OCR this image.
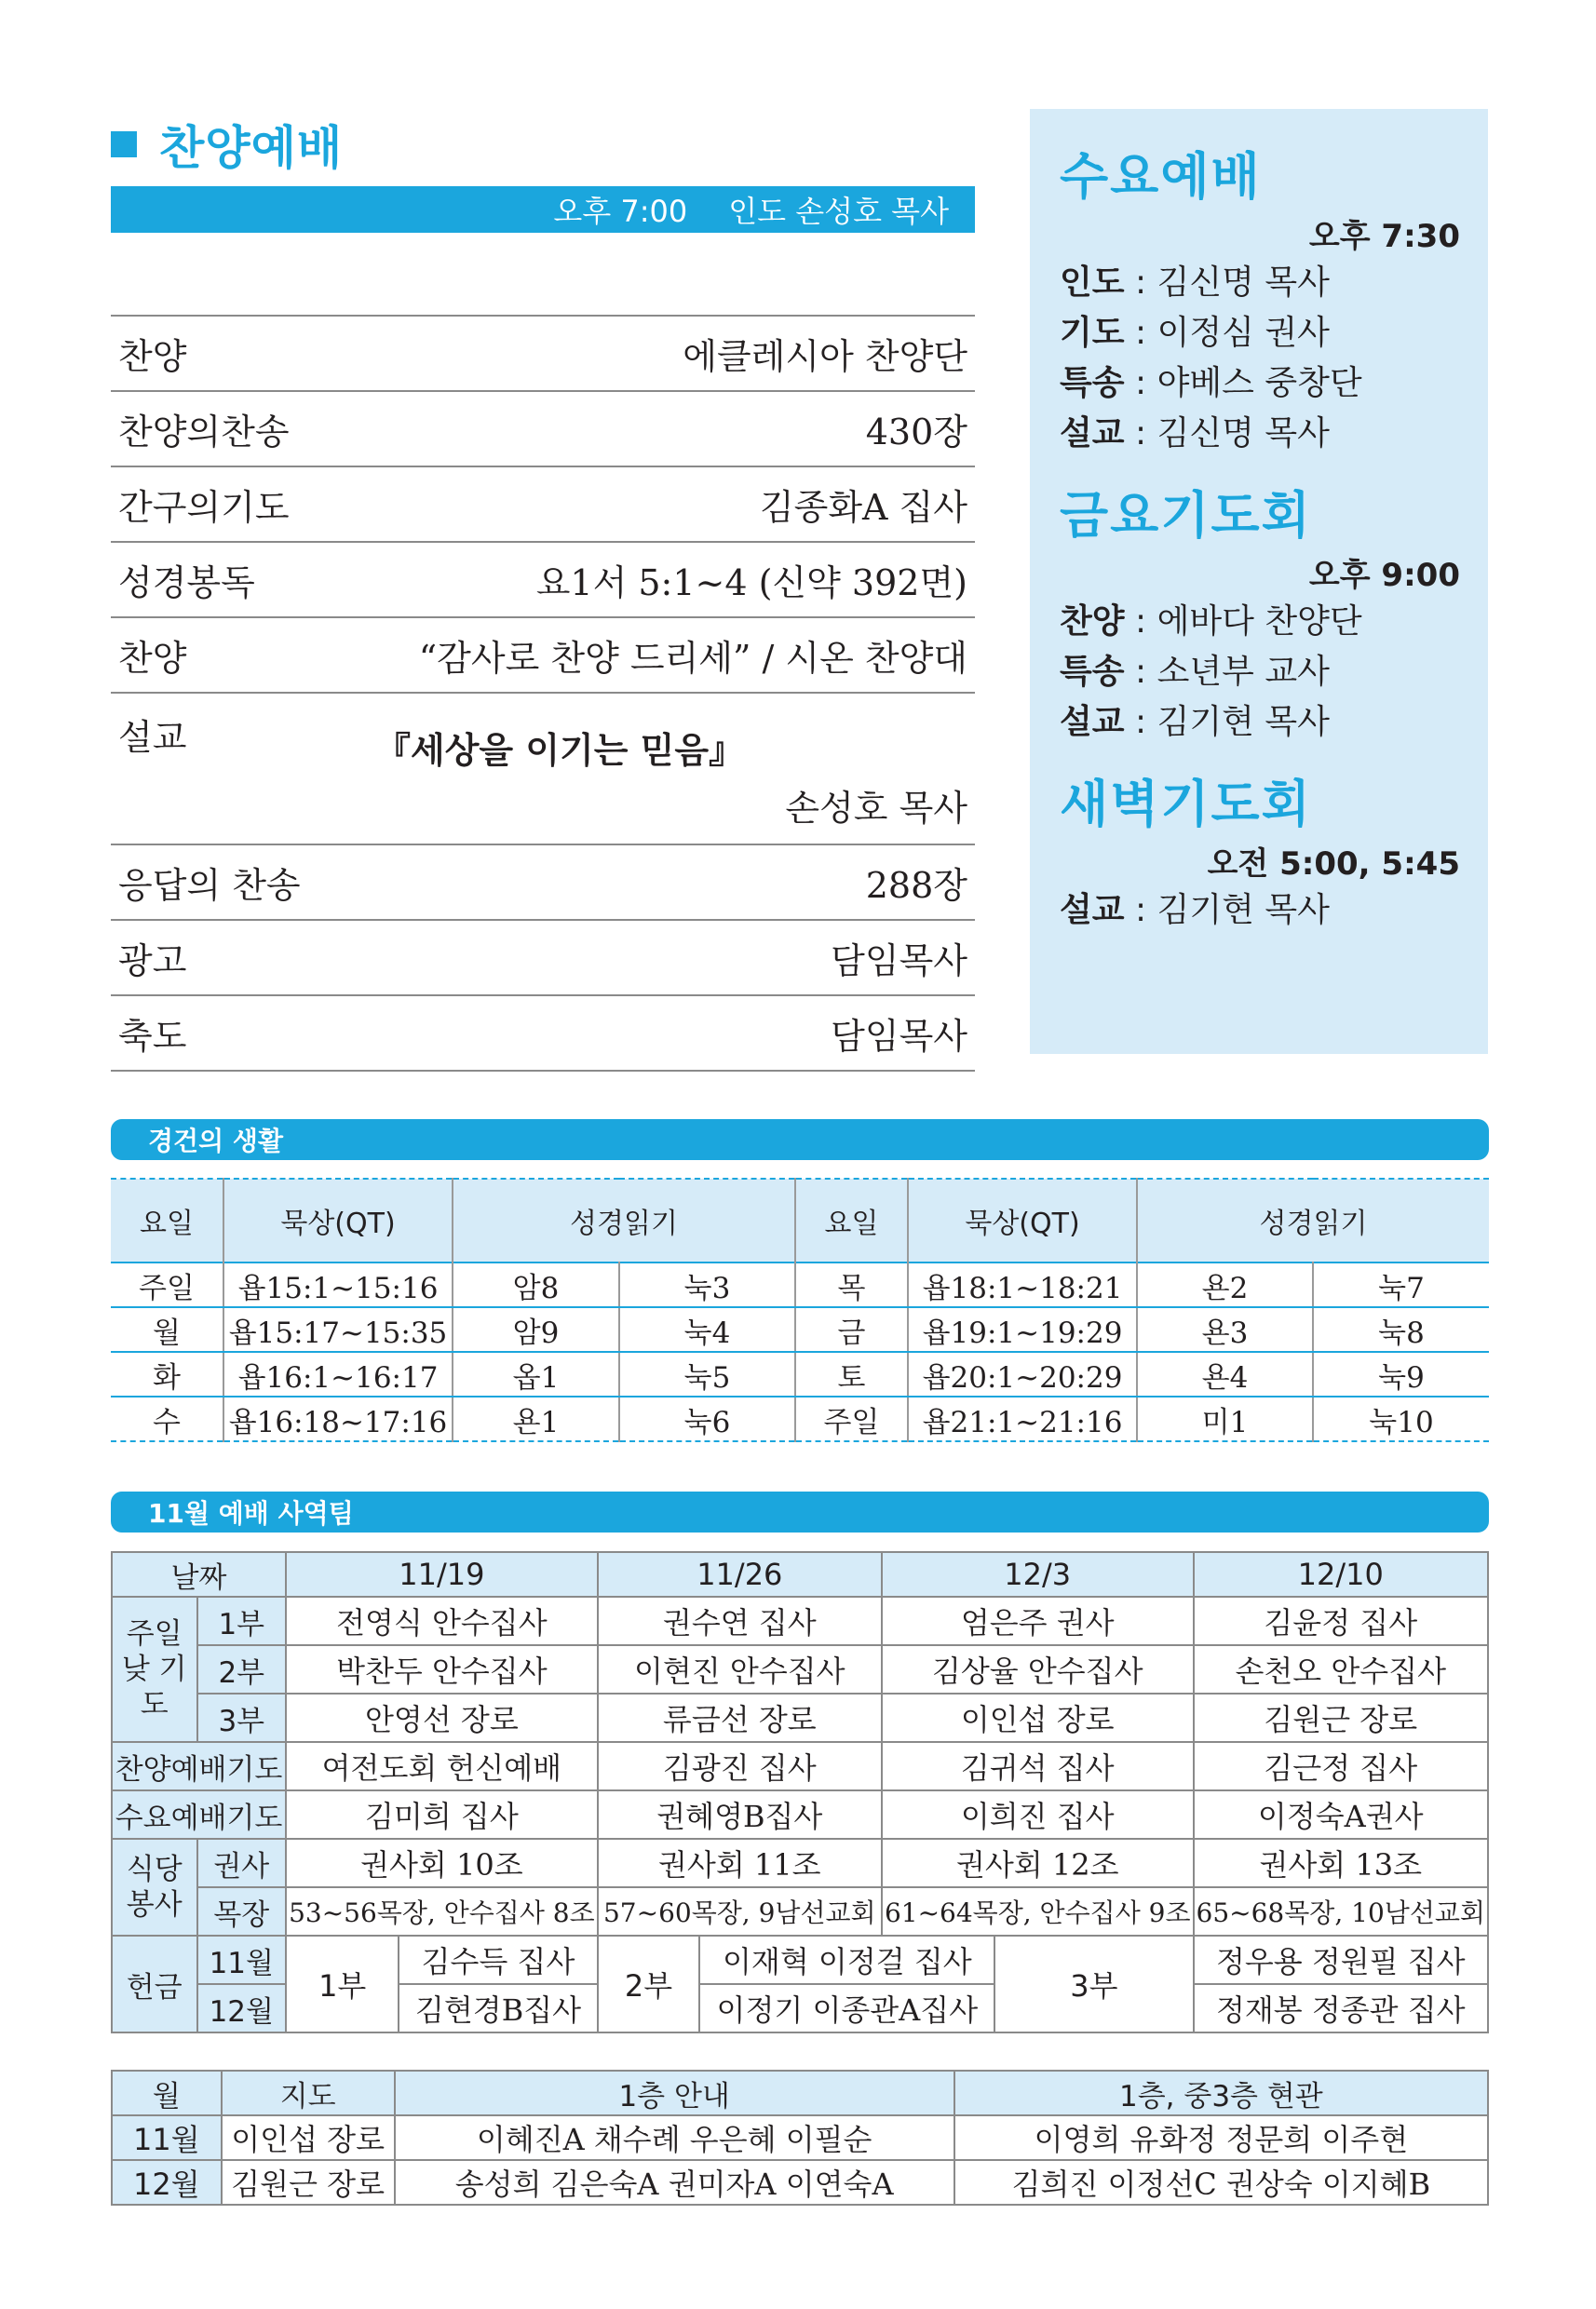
찬양예배
오후 7:00 인도 손성호 목사
찬양	에클레시아 찬양단
찬양의찬송	430장
간구의기도	김종화A 집사
성경봉독	요1서 5:1~4 (신약 392면)
찬양	“감사로 찬양 드리세” / 시온 찬양대
설교	『세상을 이기는 믿음』
손성호 목사
응답의 찬송	288장
광고	담임목사
축도	담임목사
수요예배
오후 7:30
인도 : 김신명 목사
기도 : 이정심 권사
특송 : 야베스 중창단
설교 : 김신명 목사
금요기도회
오후 9:00
찬양 : 에바다 찬양단
특송 : 소년부 교사
설교 : 김기현 목사
새벽기도회
오전 5:00, 5:45
설교 : 김기현 목사
경건의 생활
요일	묵상(QT)	성경읽기		요일	묵상(QT)	성경읽기	
주일	욥15:1~15:16	암8	눅3	목	욥18:1~18:21	욘2	눅7
월	욥15:17~15:35	암9	눅4	금	욥19:1~19:29	욘3	눅8
화	욥16:1~16:17	옵1	눅5	토	욥20:1~20:29	욘4	눅9
수	욥16:18~17:16	욘1	눅6	주일	욥21:1~21:16	미1	눅10
11월 예배 사역팀
날짜		11/19		11/26		12/3		12/10
주일낮 기도	1부	전영식 안수집사		권수연 집사		엄은주 권사		김윤정 집사
	2부	박찬두 안수집사		이현진 안수집사		김상율 안수집사		손천오 안수집사
	3부	안영선 장로		류금선 장로		이인섭 장로		김원근 장로
찬양예배기도		여전도회 헌신예배		김광진 집사		김귀석 집사		김근정 집사
수요예배기도		김미희 집사		권혜영B집사		이희진 집사		이정숙A권사
식당 봉사	권사	권사회 10조		권사회 11조		권사회 12조		권사회 13조
	목장	53~56목장, 안수집사 8조		57~60목장, 9남선교회		61~64목장, 안수집사 9조		65~68목장, 10남선교회
헌금	11월	1부	김수득 집사	2부	이재혁 이정걸 집사		3부	정우용 정원필 집사
	12월		김현경B집사		이정기 이종관A집사			정재봉 정종관 집사
월	지도	1층 안내	1층, 중3층 현관
11월	이인섭 장로	이혜진A 채수례 우은혜 이필순	이영희 유화정 정문희 이주현
12월	김원근 장로	송성희 김은숙A 권미자A 이연숙A	김희진 이정선C 권상숙 이지혜B
